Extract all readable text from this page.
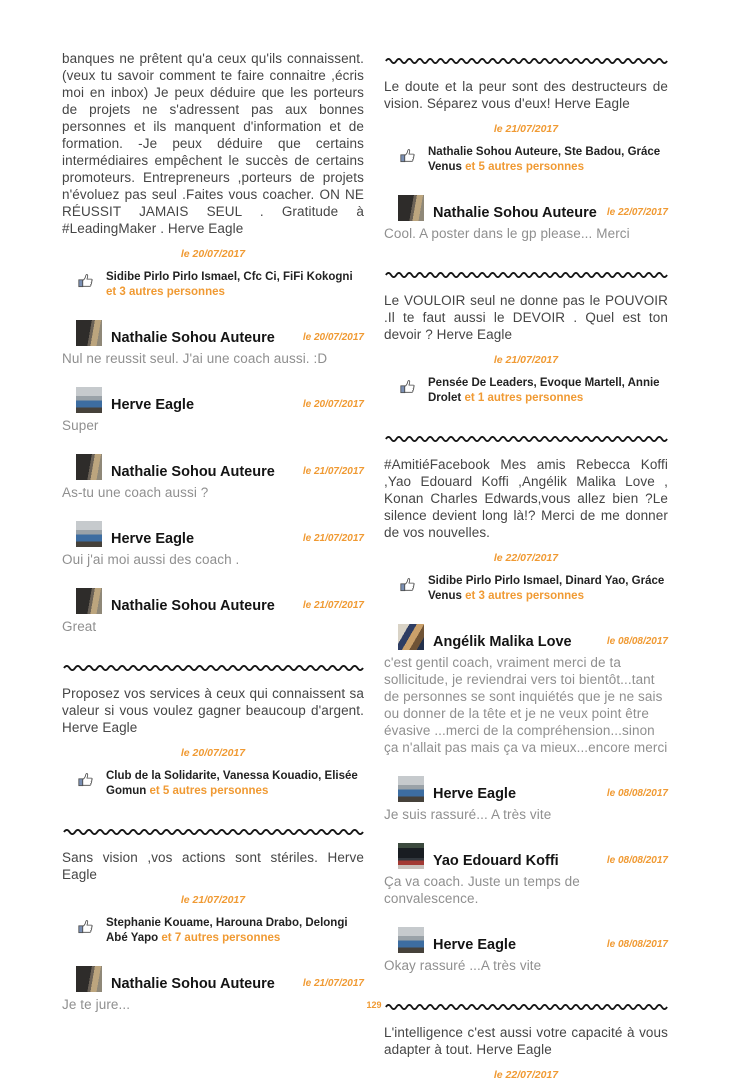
banques ne prêtent qu'a ceux qu'ils connaissent.(veux tu savoir comment te faire connaitre ,écris moi en inbox) Je peux déduire que les porteurs de projets ne s'adressent pas aux bonnes personnes et ils manquent d'information et de formation. -Je peux déduire que certains intermédiaires empêchent le succès de certains promoteurs. Entrepreneurs ,porteurs de projets n'évoluez pas seul .Faites vous coacher. ON NE RÉUSSIT JAMAIS SEUL . Gratitude à #LeadingMaker . Herve Eagle

le 20/07/2017
Sidibe Pirlo Pirlo Ismael, Cfc Ci, FiFi Kokogni et 3 autres personnes
Nathalie Sohou Auteure	le 20/07/2017
Nul ne reussit seul. J'ai une coach aussi. :D
Herve Eagle	le 20/07/2017
Super
Nathalie Sohou Auteure	le 21/07/2017
As-tu une coach aussi ?
Herve Eagle	le 21/07/2017
Oui j'ai moi aussi des coach .
Nathalie Sohou Auteure	le 21/07/2017
Great

Proposez vos services à ceux qui connaissent sa valeur si vous voulez gagner beaucoup d'argent. Herve Eagle

le 20/07/2017
Club de la Solidarite, Vanessa Kouadio, Elisée Gomun et 5 autres personnes

Sans vision ,vos actions sont stériles. Herve Eagle

le 21/07/2017
Stephanie Kouame, Harouna Drabo, Delongi Abé Yapo et 7 autres personnes
Nathalie Sohou Auteure	le 21/07/2017
Je te jure...

Le doute et la peur sont des destructeurs de vision. Séparez vous d'eux! Herve Eagle

le 21/07/2017
Nathalie Sohou Auteure, Ste Badou, Gráce Venus et 5 autres personnes
Nathalie Sohou Auteure le 22/07/2017
Cool. A poster dans le gp please... Merci

Le VOULOIR seul ne donne pas le POUVOIR .Il te faut aussi le DEVOIR . Quel est ton devoir ? Herve Eagle

le 21/07/2017
Pensée De Leaders, Evoque Martell, Annie Drolet et 1 autres personnes

#AmitiéFacebook Mes amis Rebecca Koffi ,Yao Edouard Koffi ,Angélik Malika Love , Konan Charles Edwards,vous allez bien ?Le silence devient long là!? Merci de me donner de vos nouvelles.

le 22/07/2017
Sidibe Pirlo Pirlo Ismael, Dinard Yao, Gráce Venus et 3 autres personnes
Angélik Malika Love	le 08/08/2017
c'est gentil coach, vraiment merci de ta sollicitude, je reviendrai vers toi bientôt...tant de personnes se sont inquiétés que je ne sais ou donner de la tête et je ne veux point être évasive ...merci de la compréhension...sinon ça n'allait pas mais ça va mieux...encore merci
Herve Eagle	le 08/08/2017
Je suis rassuré... A très vite
Yao Edouard Koffi	le 08/08/2017
Ça va coach. Juste un temps de convalescence.
Herve Eagle	le 08/08/2017
Okay rassuré ...A très vite

L'intelligence c'est aussi votre capacité à vous adapter à tout. Herve Eagle

le 22/07/2017
129
